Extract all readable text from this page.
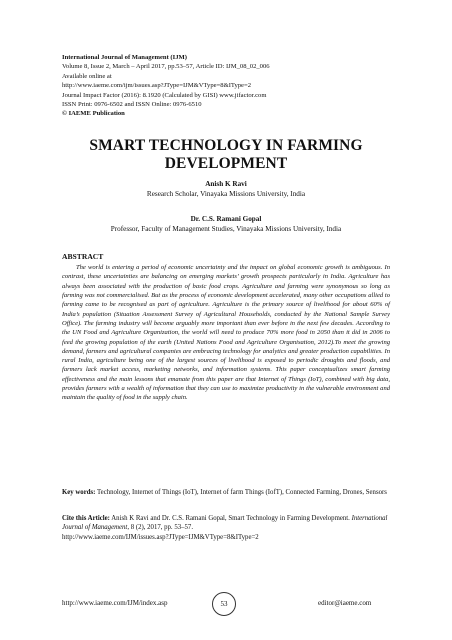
International Journal of Management (IJM)
Volume 8, Issue 2, March – April 2017, pp.53–57, Article ID: IJM_08_02_006
Available online at
http://www.iaeme.com/ijm/issues.asp?JType=IJM&VType=8&IType=2
Journal Impact Factor (2016): 8.1920 (Calculated by GISI) www.jifactor.com
ISSN Print: 0976-6502 and ISSN Online: 0976-6510
© IAEME Publication
SMART TECHNOLOGY IN FARMING
DEVELOPMENT
Anish K Ravi
Research Scholar, Vinayaka Missions University, India
Dr. C.S. Ramani Gopal
Professor, Faculty of Management Studies, Vinayaka Missions University, India
ABSTRACT

The world is entering a period of economic uncertainty and the impact on global economic growth is ambiguous. In contrast, these uncertainties are balancing on emerging markets’ growth prospects particularly in India. Agriculture has always been associated with the production of basic food crops. Agriculture and farming were synonymous so long as farming was not commercialised. But as the process of economic development accelerated, many other occupations allied to farming came to be recognised as part of agriculture. Agriculture is the primary source of livelihood for about 60% of India’s population (Situation Assessment Survey of Agricultural Households, conducted by the National Sample Survey Office). The farming industry will become arguably more important than ever before in the next few decades. According to the UN Food and Agriculture Organization, the world will need to produce 70% more food in 2050 than it did in 2006 to feed the growing population of the earth (United Nations Food and Agriculture Organisation, 2012).To meet the growing demand, farmers and agricultural companies are embracing technology for analytics and greater production capabilities. In rural India, agriculture being one of the largest sources of livelihood is exposed to periodic droughts and floods, and farmers lack market access, marketing networks, and information systems. This paper conceptualizes smart farming effectiveness and the main lessons that emanate from this paper are that Internet of Things (IoT), combined with big data, provides farmers with a wealth of information that they can use to maximize productivity in the vulnerable environment and maintain the quality of food in the supply chain.

Key words: Technology, Internet of Things (IoT), Internet of farm Things (IofT), Connected Farming, Drones, Sensors
Cite this Article: Anish K Ravi and Dr. C.S. Ramani Gopal, Smart Technology in Farming Development. International Journal of Management, 8 (2), 2017, pp. 53–57.
http://www.iaeme.com/IJM/issues.asp?JType=IJM&VType=8&IType=2
http://www.iaeme.com/IJM/index.asp	53	editor@iaeme.com
